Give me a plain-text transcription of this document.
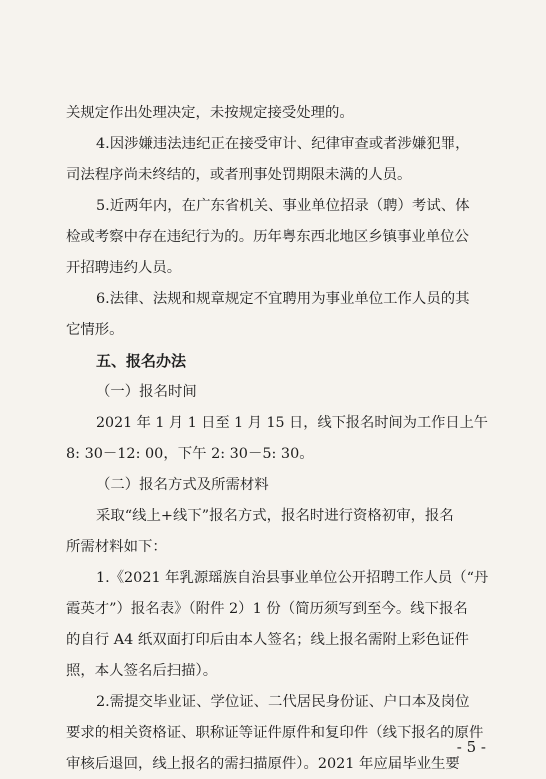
关规定作出处理决定，未按规定接受处理的。
4.因涉嫌违法违纪正在接受审计、纪律审查或者涉嫌犯罪，
司法程序尚未终结的，或者刑事处罚期限未满的人员。
5.近两年内，在广东省机关、事业单位招录（聘）考试、体
检或考察中存在违纪行为的。历年粤东西北地区乡镇事业单位公
开招聘违约人员。
6.法律、法规和规章规定不宜聘用为事业单位工作人员的其
它情形。
五、报名办法
（一）报名时间
2021 年 1 月 1 日至 1 月 15 日，线下报名时间为工作日上午
8: 30－12: 00，下午 2: 30－5: 30。
（二）报名方式及所需材料
采取“线上+线下”报名方式，报名时进行资格初审，报名
所需材料如下：
1.《2021 年乳源瑶族自治县事业单位公开招聘工作人员（“丹
霞英才”）报名表》（附件 2）1 份（简历须写到至今。线下报名
的自行 A4 纸双面打印后由本人签名；线上报名需附上彩色证件
照，本人签名后扫描）。
2.需提交毕业证、学位证、二代居民身份证、户口本及岗位
要求的相关资格证、职称证等证件原件和复印件（线下报名的原件
审核后退回，线上报名的需扫描原件）。2021 年应届毕业生要
- 5 -
